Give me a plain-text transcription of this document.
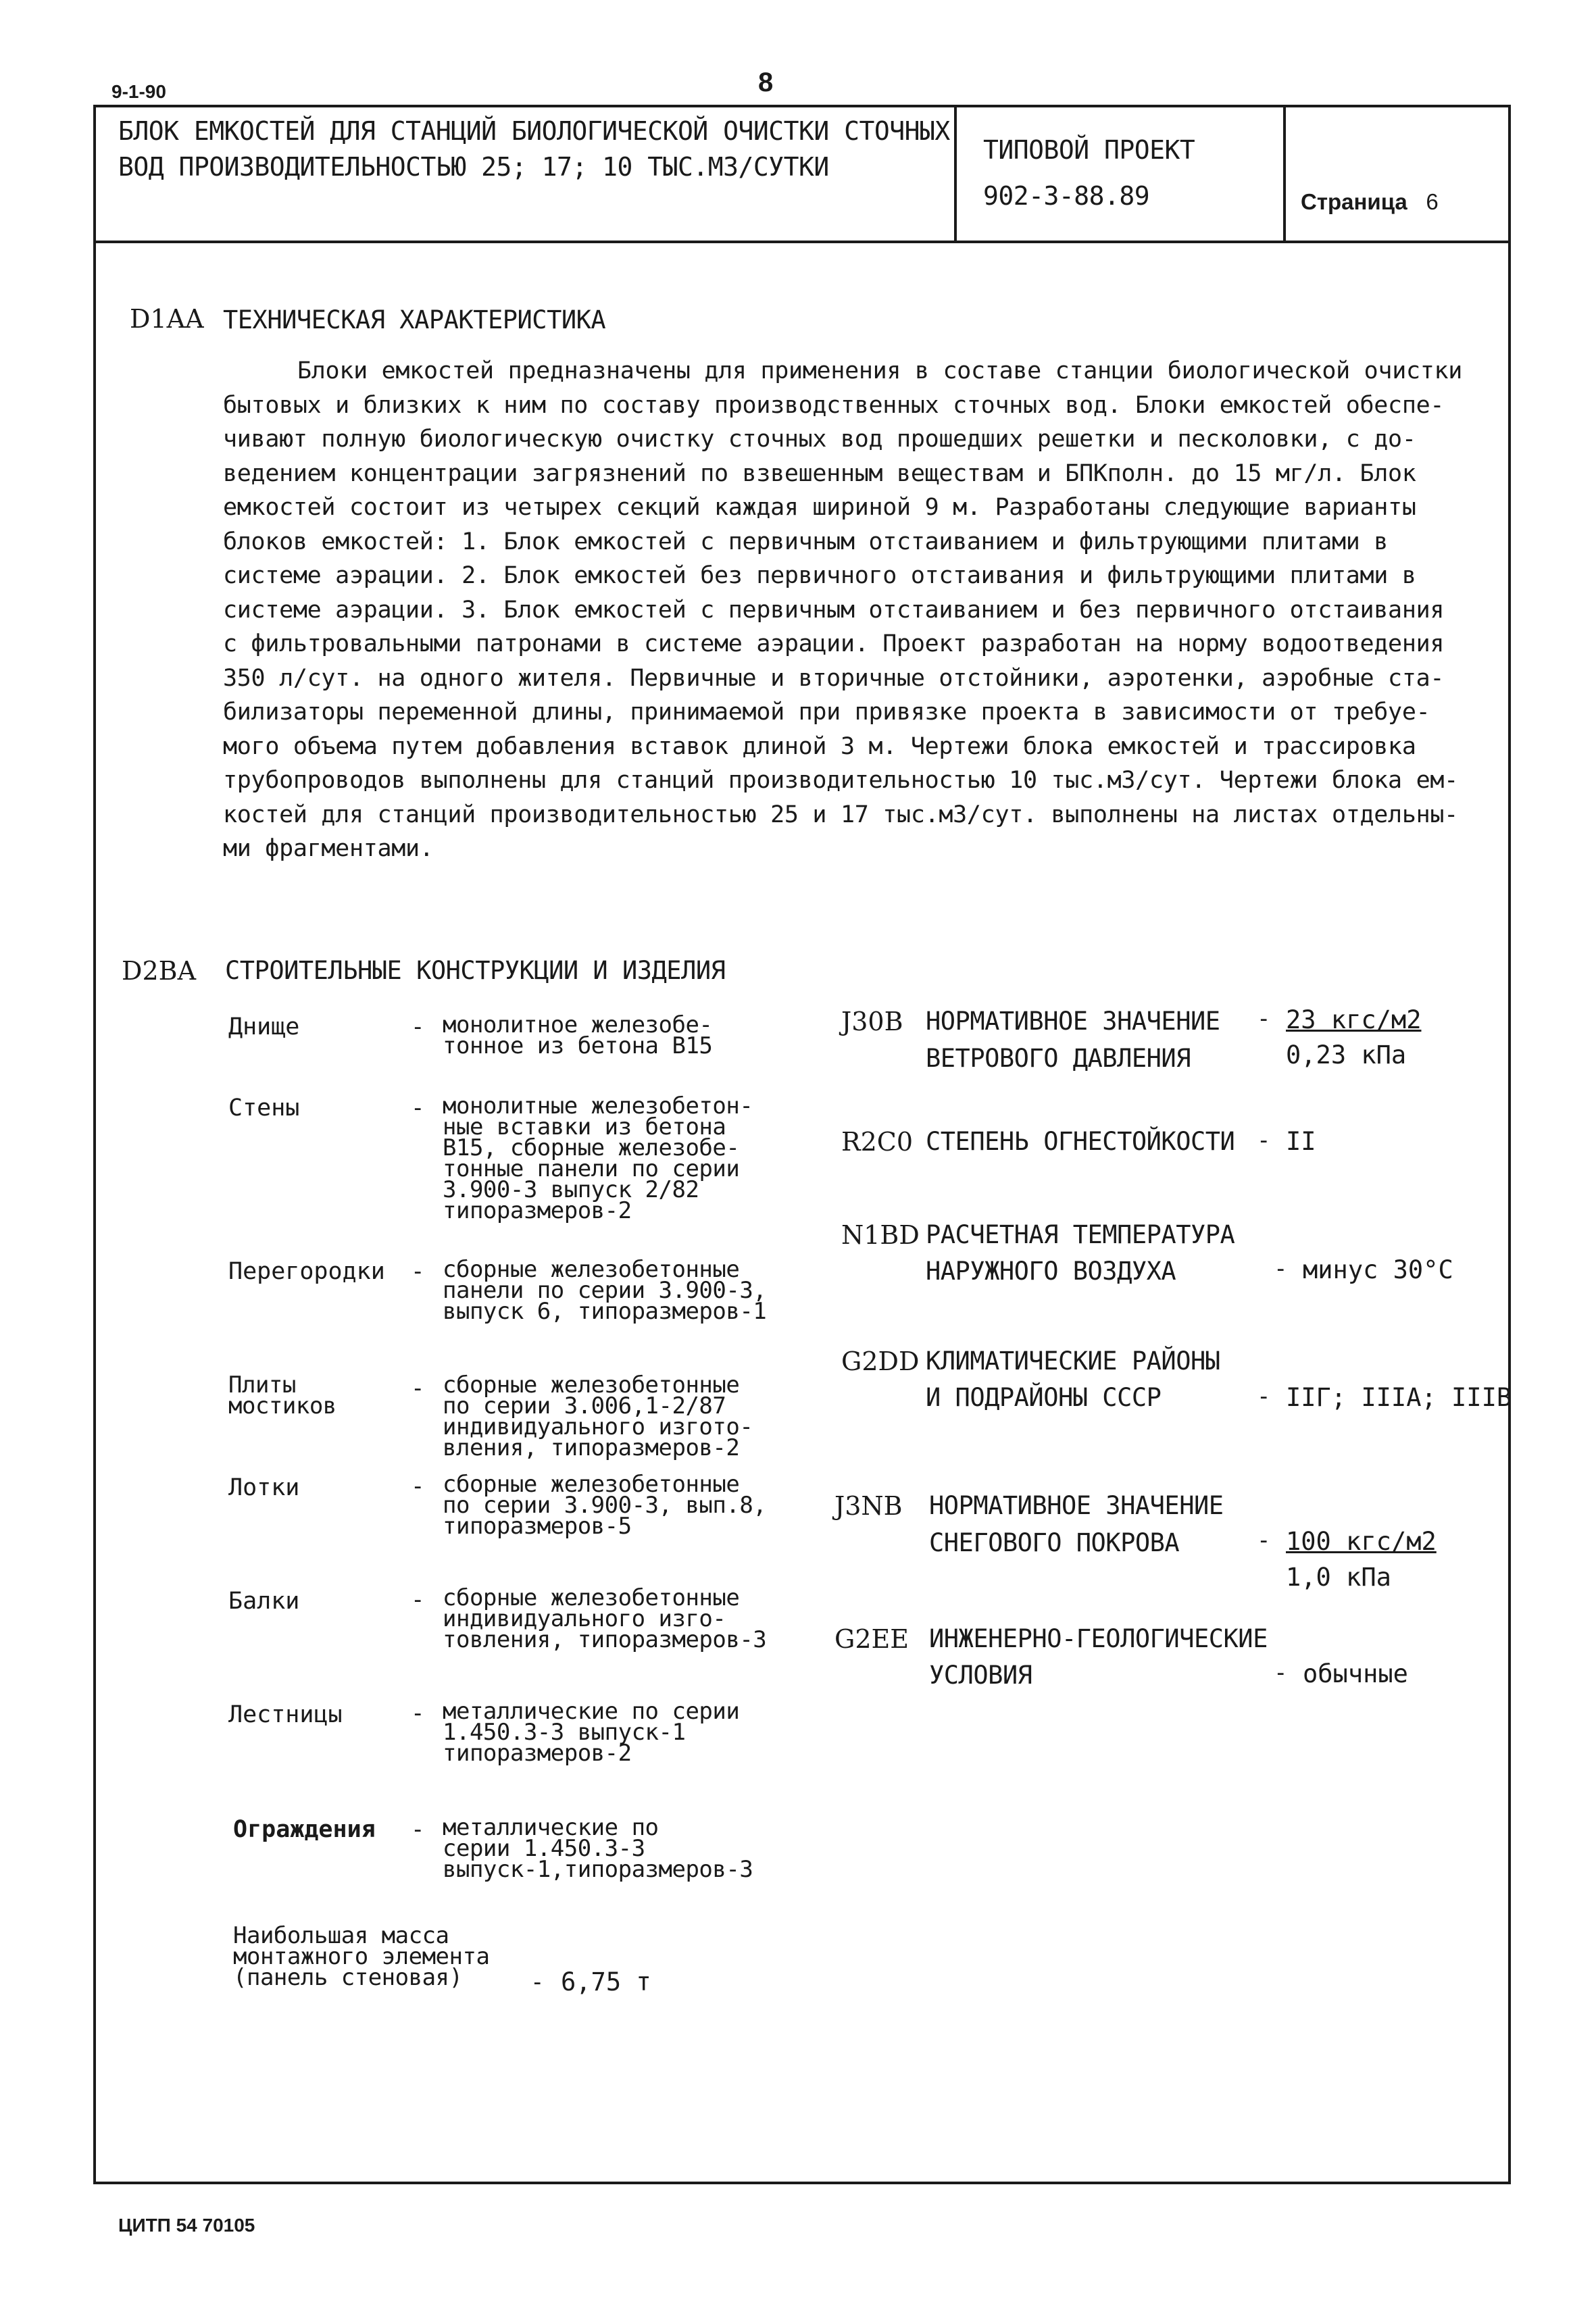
9-1-90	8
БЛОК ЕМКОСТЕЙ ДЛЯ СТАНЦИЙ БИОЛОГИЧЕСКОЙ ОЧИСТКИ СТОЧНЫХ
ВОД ПРОИЗВОДИТЕЛЬНОСТЬЮ 25; 17; 10 ТЫС.М3/СУТКИ
ТИПОВОЙ ПРОЕКТ
902-3-88.89	Страница 6
D1AA ТЕХНИЧЕСКАЯ ХАРАКТЕРИСТИКА
Блоки емкостей предназначены для применения в составе станции биологической очистки
бытовых и близких к ним по составу производственных сточных вод. Блоки емкостей обеспе-
чивают полную биологическую очистку сточных вод прошедших решетки и песколовки, с до-
ведением концентрации загрязнений по взвешенным веществам и БПКполн. до 15 мг/л. Блок
емкостей состоит из четырех секций каждая шириной 9 м. Разработаны следующие варианты
блоков емкостей: 1. Блок емкостей с первичным отстаиванием и фильтрующими плитами в
системе аэрации. 2. Блок емкостей без первичного отстаивания и фильтрующими плитами в
системе аэрации. 3. Блок емкостей с первичным отстаиванием и без первичного отстаивания
с фильтровальными патронами в системе аэрации. Проект разработан на норму водоотведения
350 л/сут. на одного жителя. Первичные и вторичные отстойники, аэротенки, аэробные ста-
билизаторы переменной длины, принимаемой при привязке проекта в зависимости от требуе-
мого объема путем добавления вставок длиной 3 м. Чертежи блока емкостей и трассировка
трубопроводов выполнены для станций производительностью 10 тыс.м3/сут. Чертежи блока ем-
костей для станций производительностью 25 и 17 тыс.м3/сут. выполнены на листах отдельны-
ми фрагментами.
D2BA СТРОИТЕЛЬНЫЕ КОНСТРУКЦИИ И ИЗДЕЛИЯ
Днище	- монолитное железобе-
тонное из бетона B15
Стены	- монолитные железобетон-
ные вставки из бетона
B15, сборные железобе-
тонные панели по серии
3.900-3 выпуск 2/82
типоразмеров-2
Перегородки - сборные железобетонные
панели по серии 3.900-3,
выпуск 6, типоразмеров-1
Плиты
мостиков
- сборные железобетонные
по серии 3.006,1-2/87
индивидуального изгото-
вления, типоразмеров-2
Лотки	- сборные железобетонные
по серии 3.900-3, вып.8,
типоразмеров-5
Балки	- сборные железобетонные
индивидуального изго-
товления, типоразмеров-3
Лестницы	- металлические по серии
1.450.3-3 выпуск-1
типоразмеров-2
Ограждения - металлические по
серии 1.450.3-3
выпуск-1,типоразмеров-3
Наибольшая масса
монтажного элемента
(панель стеновая)	- 6,75 т
J30B НОРМАТИВНОЕ ЗНАЧЕНИЕ
ВЕТРОВОГО ДАВЛЕНИЯ
- 23 кгс/м2
0,23 кПа
R2C0 СТЕПЕНЬ ОГНЕСТОЙКОСТИ - II
N1BD РАСЧЕТНАЯ ТЕМПЕРАТУРА
НАРУЖНОГО ВОЗДУХА	- минус 30°С
G2DD КЛИМАТИЧЕСКИЕ РАЙОНЫ
И ПОДРАЙОНЫ СССР	- IIГ; IIIА; IIIВ
J3NB НОРМАТИВНОЕ ЗНАЧЕНИЕ
СНЕГОВОГО ПОКРОВА	- 100 кгс/м2
1,0 кПа
G2EE ИНЖЕНЕРНО-ГЕОЛОГИЧЕСКИЕ
УСЛОВИЯ	- обычные
ЦИТП 54 70105
